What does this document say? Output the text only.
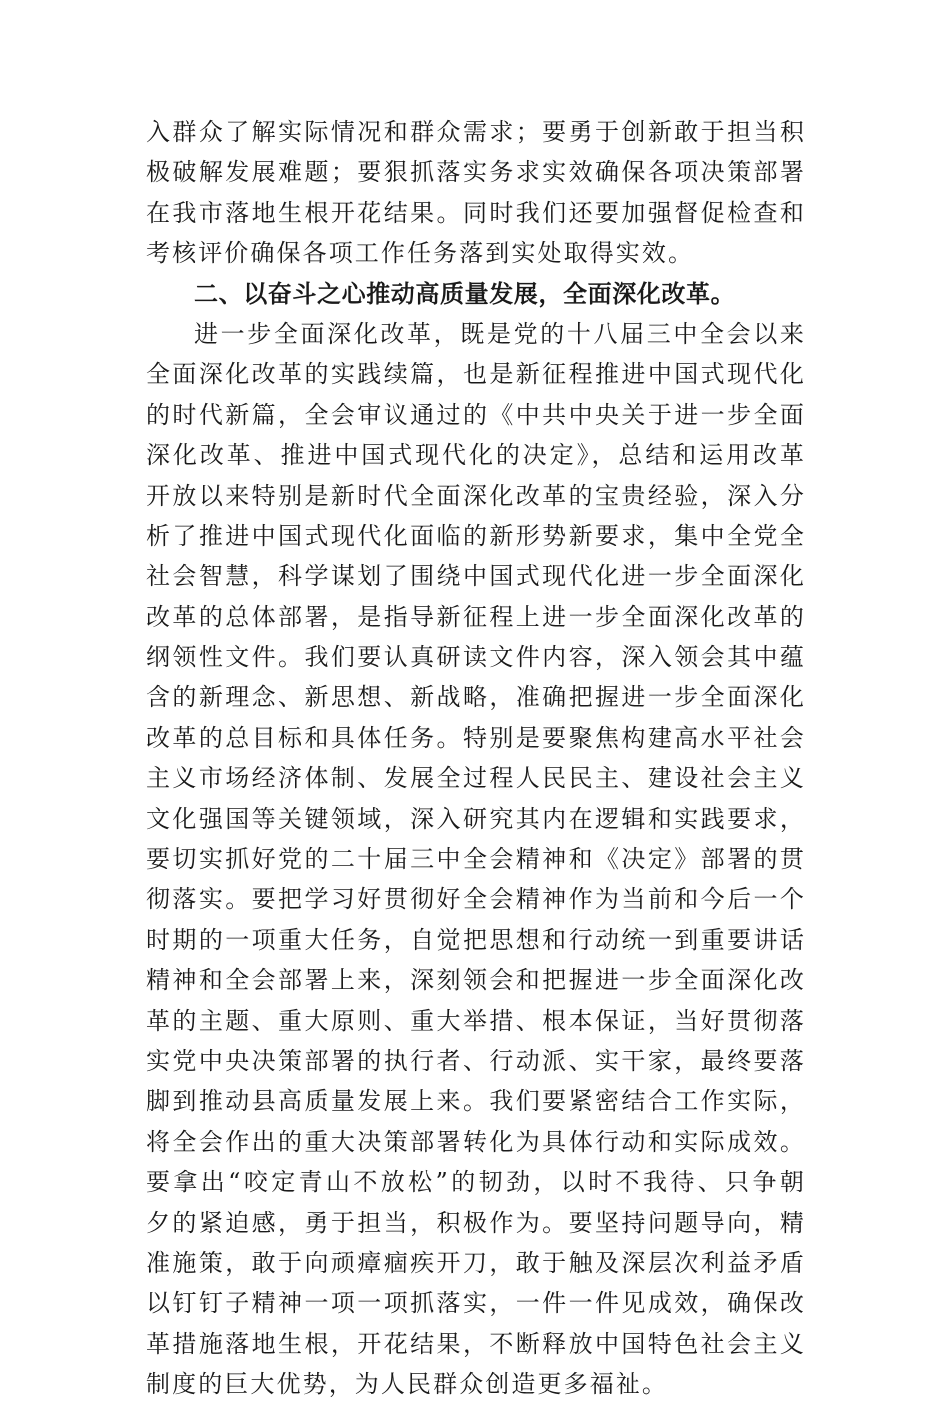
入群众了解实际情况和群众需求；要勇于创新敢于担当积
极破解发展难题；要狠抓落实务求实效确保各项决策部署
在我市落地生根开花结果。同时我们还要加强督促检查和
考核评价确保各项工作任务落到实处取得实效。
二、以奋斗之心推动高质量发展，全面深化改革。
进一步全面深化改革，既是党的十八届三中全会以来
全面深化改革的实践续篇，也是新征程推进中国式现代化
的时代新篇，全会审议通过的《中共中央关于进一步全面
深化改革、推进中国式现代化的决定》，总结和运用改革
开放以来特别是新时代全面深化改革的宝贵经验，深入分
析了推进中国式现代化面临的新形势新要求，集中全党全
社会智慧，科学谋划了围绕中国式现代化进一步全面深化
改革的总体部署，是指导新征程上进一步全面深化改革的
纲领性文件。我们要认真研读文件内容，深入领会其中蕴
含的新理念、新思想、新战略，准确把握进一步全面深化
改革的总目标和具体任务。特别是要聚焦构建高水平社会
主义市场经济体制、发展全过程人民民主、建设社会主义
文化强国等关键领域，深入研究其内在逻辑和实践要求，
要切实抓好党的二十届三中全会精神和《决定》部署的贯
彻落实。要把学习好贯彻好全会精神作为当前和今后一个
时期的一项重大任务，自觉把思想和行动统一到重要讲话
精神和全会部署上来，深刻领会和把握进一步全面深化改
革的主题、重大原则、重大举措、根本保证，当好贯彻落
实党中央决策部署的执行者、行动派、实干家，最终要落
脚到推动县高质量发展上来。我们要紧密结合工作实际，
将全会作出的重大决策部署转化为具体行动和实际成效。
要拿出“咬定青山不放松”的韧劲，以时不我待、只争朝
夕的紧迫感，勇于担当，积极作为。要坚持问题导向，精
准施策，敢于向顽瘴痼疾开刀，敢于触及深层次利益矛盾
以钉钉子精神一项一项抓落实，一件一件见成效，确保改
革措施落地生根，开花结果，不断释放中国特色社会主义
制度的巨大优势，为人民群众创造更多福祉。
